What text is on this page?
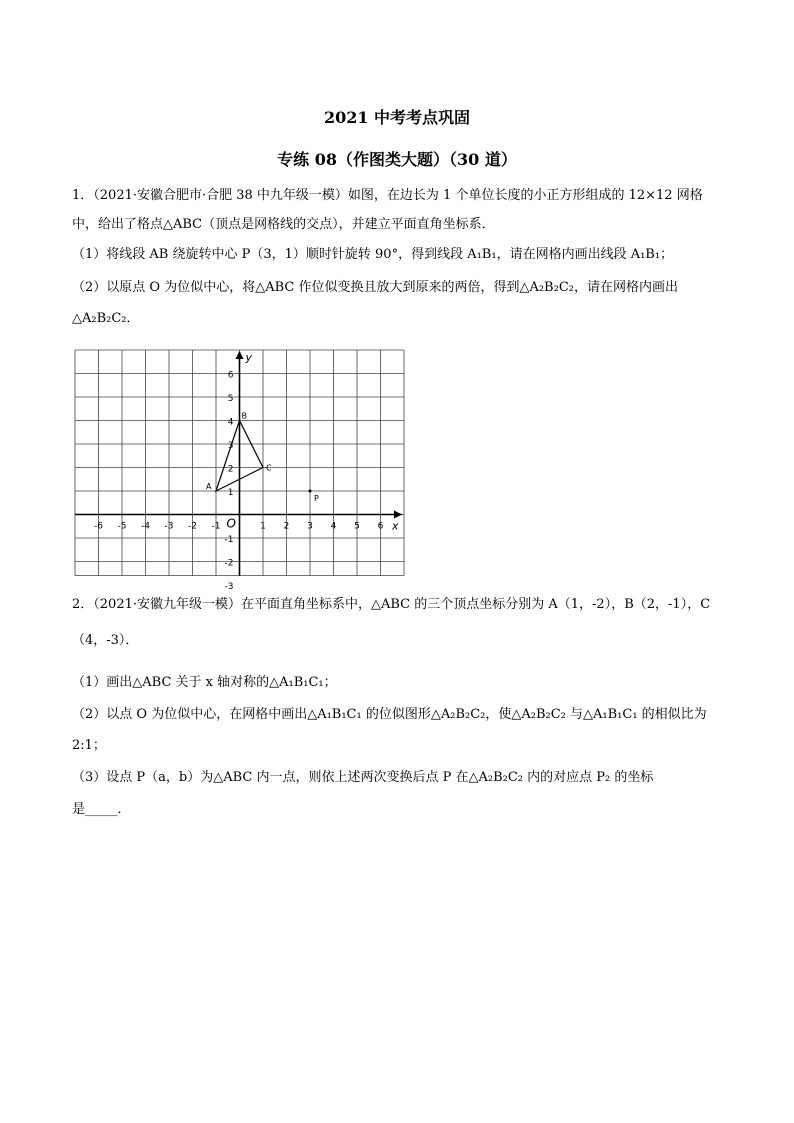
2021 中考考点巩固
专练 08（作图类大题）（30 道）
1．（2021·安徽合肥市·合肥 38 中九年级一模）如图，在边长为 1 个单位长度的小正方形组成的 12×12 网格
中，给出了格点△ABC（顶点是网格线的交点），并建立平面直角坐标系．
（1）将线段 AB 绕旋转中心 P（3，1）顺时针旋转 90°，得到线段 A₁B₁，请在网格内画出线段 A₁B₁；
（2）以原点 O 为位似中心，将△ABC 作位似变换且放大到原来的两倍，得到△A₂B₂C₂，请在网格内画出
△A₂B₂C₂．
x
y
O
-6 -5 -4 -3 -2 -1	1 2 3 4 5 6
6
5
4
3
2
1
-1
-2
-3
A
B
C
P
2．（2021·安徽九年级一模）在平面直角坐标系中，△ABC 的三个顶点坐标分别为 A（1，-2），B（2，-1），C
（4，-3）．
（1）画出△ABC 关于 x 轴对称的△A₁B₁C₁；
（2）以点 O 为位似中心，在网格中画出△A₁B₁C₁ 的位似图形△A₂B₂C₂，使△A₂B₂C₂ 与△A₁B₁C₁ 的相似比为
2:1；
（3）设点 P（a，b）为△ABC 内一点，则依上述两次变换后点 P 在△A₂B₂C₂ 内的对应点 P₂ 的坐标
是_____．
